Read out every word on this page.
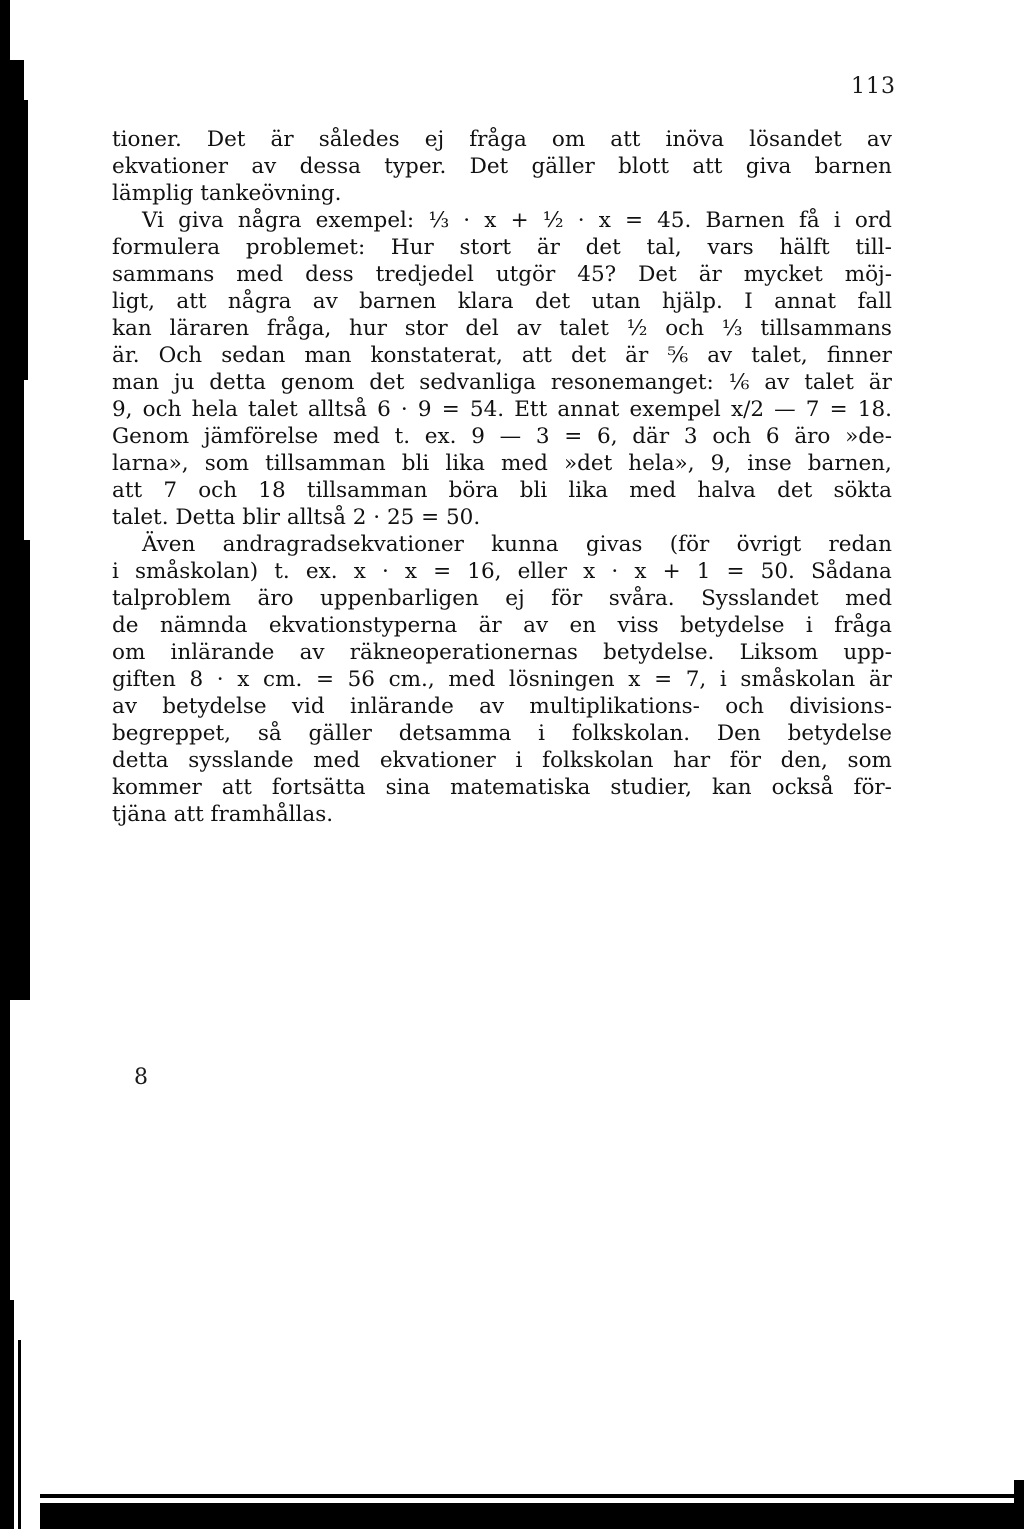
113
tioner. Det är således ej fråga om att inöva lösandet av
ekvationer av dessa typer. Det gäller blott att giva barnen
lämplig tankeövning.
Vi giva några exempel: ⅓ · x + ½ · x = 45. Barnen få i ord
formulera problemet: Hur stort är det tal, vars hälft till-
sammans med dess tredjedel utgör 45? Det är mycket möj-
ligt, att några av barnen klara det utan hjälp. I annat fall
kan läraren fråga, hur stor del av talet ½ och ⅓ tillsammans
är. Och sedan man konstaterat, att det är ⅚ av talet, finner
man ju detta genom det sedvanliga resonemanget: ⅙ av talet är
9, och hela talet alltså 6 · 9 = 54. Ett annat exempel x/2 — 7 = 18.
Genom jämförelse med t. ex. 9 — 3 = 6, där 3 och 6 äro »de-
larna», som tillsamman bli lika med »det hela», 9, inse barnen,
att 7 och 18 tillsamman böra bli lika med halva det sökta
talet. Detta blir alltså 2 · 25 = 50.
Även andragradsekvationer kunna givas (för övrigt redan
i småskolan) t. ex. x · x = 16, eller x · x + 1 = 50. Sådana
talproblem äro uppenbarligen ej för svåra. Sysslandet med
de nämnda ekvationstyperna är av en viss betydelse i fråga
om inlärande av räkneoperationernas betydelse. Liksom upp-
giften 8 · x cm. = 56 cm., med lösningen x = 7, i småskolan är
av betydelse vid inlärande av multiplikations- och divisions-
begreppet, så gäller detsamma i folkskolan. Den betydelse
detta sysslande med ekvationer i folkskolan har för den, som
kommer att fortsätta sina matematiska studier, kan också för-
tjäna att framhållas.
8
